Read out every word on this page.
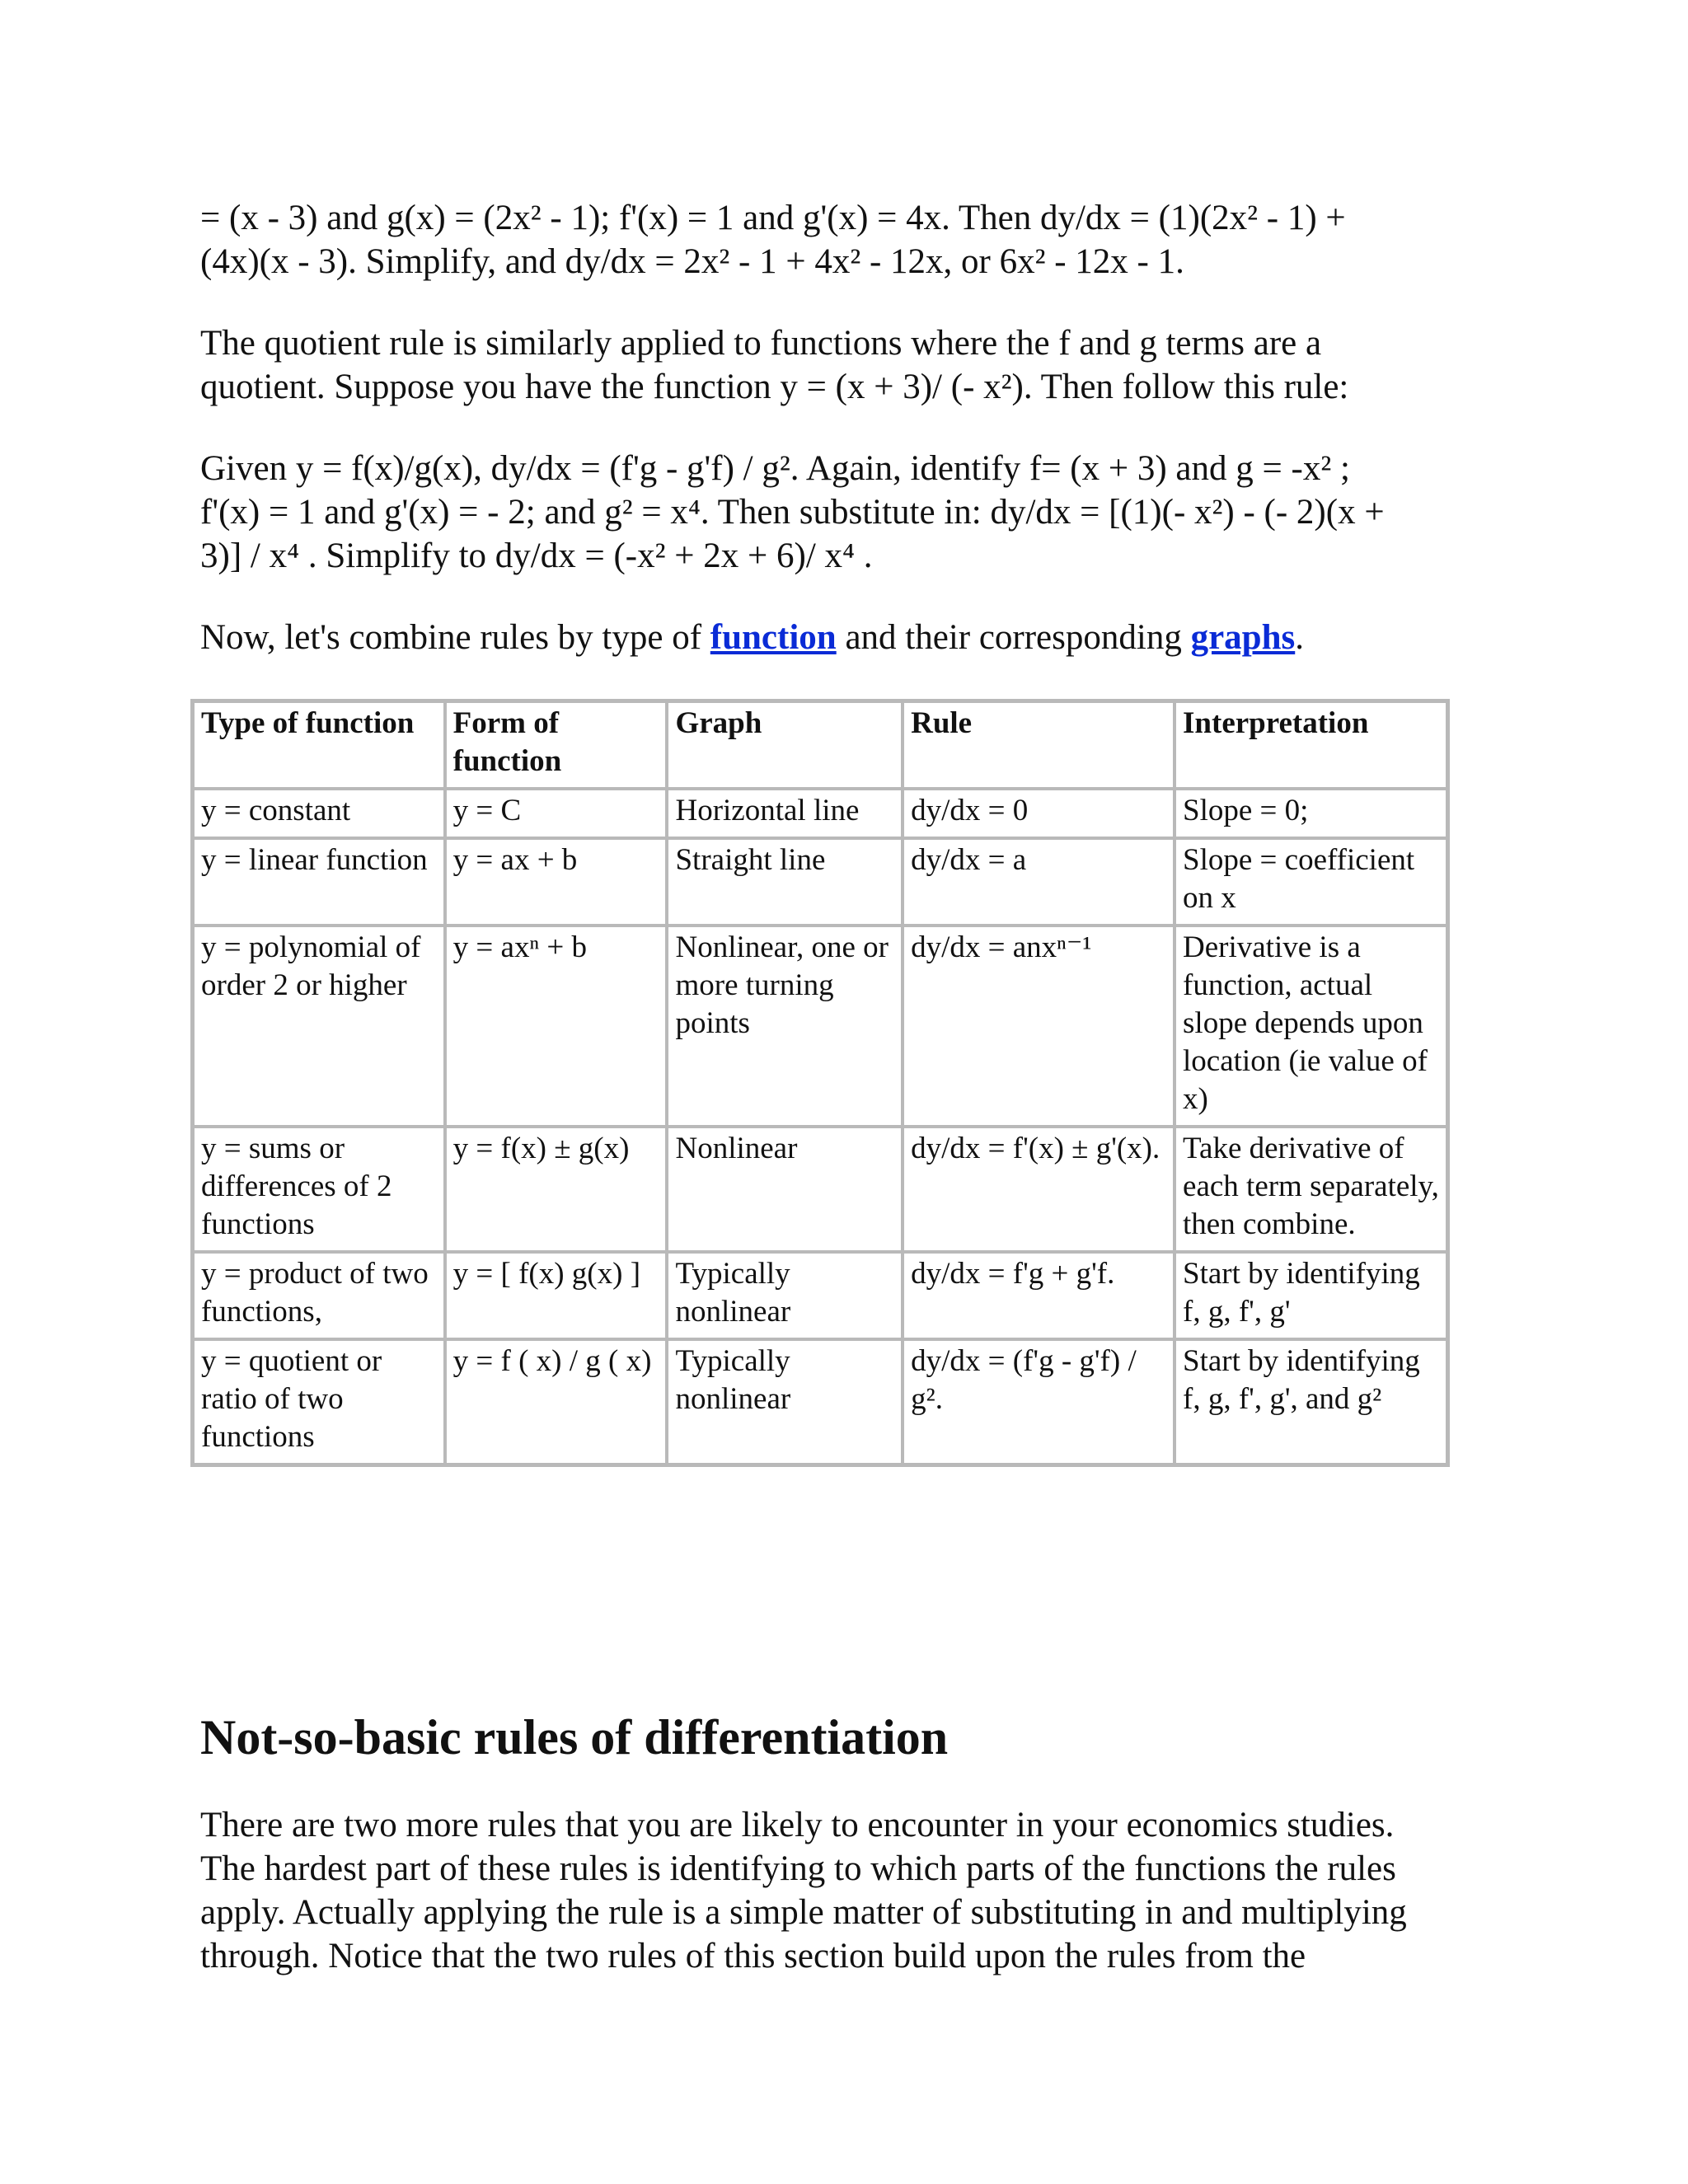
= (x - 3) and g(x) = (2x² - 1); f'(x) = 1 and g'(x) = 4x. Then dy/dx = (1)(2x² - 1) +
(4x)(x - 3). Simplify, and dy/dx = 2x² - 1 + 4x² - 12x, or 6x² - 12x - 1.

The quotient rule is similarly applied to functions where the f and g terms are a
quotient. Suppose you have the function y = (x + 3)/ (- x²). Then follow this rule:

Given y = f(x)/g(x), dy/dx = (f'g - g'f) / g². Again, identify f= (x + 3) and g = -x² ;
f'(x) = 1 and g'(x) = - 2; and g² = x⁴. Then substitute in: dy/dx = [(1)(- x²) - (- 2)(x +
3)] / x⁴ . Simplify to dy/dx = (-x² + 2x + 6)/ x⁴ .

Now, let's combine rules by type of function and their corresponding graphs.

Type of function	Form of function	Graph	Rule	Interpretation
y = constant	y = C	Horizontal line	dy/dx = 0	Slope = 0;
y = linear function	y = ax + b	Straight line	dy/dx = a	Slope = coefficient on x
y = polynomial of order 2 or higher	y = axⁿ + b	Nonlinear, one or more turning points	dy/dx = anxⁿ⁻¹	Derivative is a function, actual slope depends upon location (ie value of x)
y = sums or differences of 2 functions	y = f(x) ± g(x)	Nonlinear	dy/dx = f'(x) ± g'(x).	Take derivative of each term separately, then combine.
y = product of two functions,	y = [ f(x) g(x) ]	Typically nonlinear	dy/dx = f'g + g'f.	Start by identifying f, g, f', g'
y = quotient or ratio of two functions	y = f ( x) / g ( x)	Typically nonlinear	dy/dx = (f'g - g'f) / g².	Start by identifying f, g, f', g', and g²
Not-so-basic rules of differentiation

There are two more rules that you are likely to encounter in your economics studies.
The hardest part of these rules is identifying to which parts of the functions the rules
apply. Actually applying the rule is a simple matter of substituting in and multiplying
through. Notice that the two rules of this section build upon the rules from the
